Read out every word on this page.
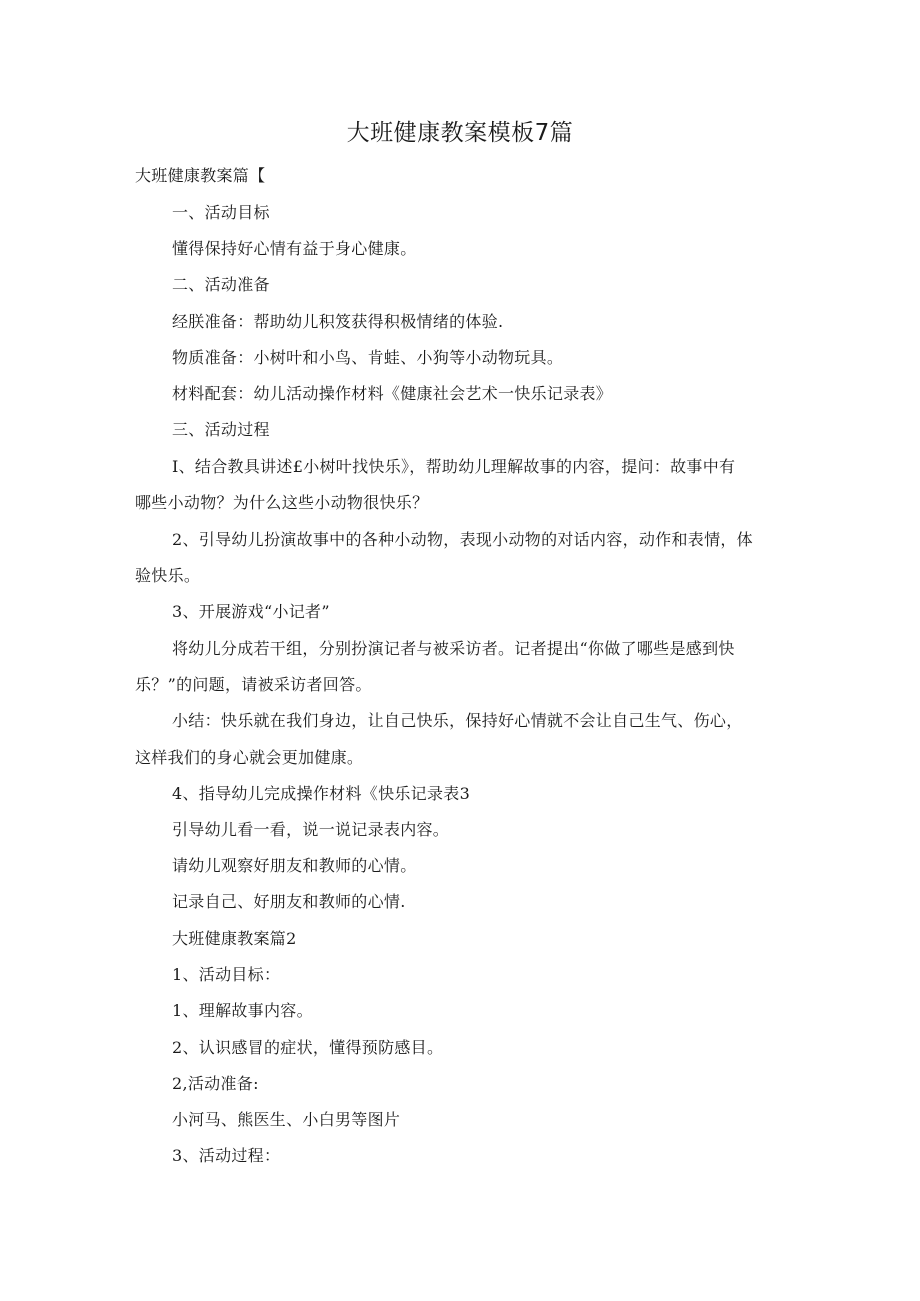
大班健康教案模板7篇
大班健康教案篇【
一、活动目标
懂得保持好心情有益于身心健康。
二、活动准备
经朕准备：帮助幼儿积笈获得积极情绪的体验.
物质准备：小树叶和小鸟、肯蛙、小狗等小动物玩具。
材料配套：幼儿活动操作材料《健康社会艺术一快乐记录表》
三、活动过程
I、结合教具讲述£小树叶找快乐》，帮助幼儿理解故事的内容，提问：故事中有
哪些小动物？为什么这些小动物很快乐？
2、引导幼儿扮演故事中的各种小动物，表现小动物的对话内容，动作和表情，体
验快乐。
3、开展游戏“小记者”
将幼儿分成若干组，分别扮演记者与被采访者。记者提出“你做了哪些是感到快
乐？”的问题，请被采访者回答。
小结：快乐就在我们身边，让自己快乐，保持好心情就不会让自己生气、伤心，
这样我们的身心就会更加健康。
4、指导幼儿完成操作材料《快乐记录表3
引导幼儿看一看，说一说记录表内容。
请幼儿观察好朋友和教师的心情。
记录自己、好朋友和教师的心情.
大班健康教案篇2
1、活动目标：
1、理解故事内容。
2、认识感冒的症状，懂得预防感目。
2,活动准备:
小河马、熊医生、小白男等图片
3、活动过程：
